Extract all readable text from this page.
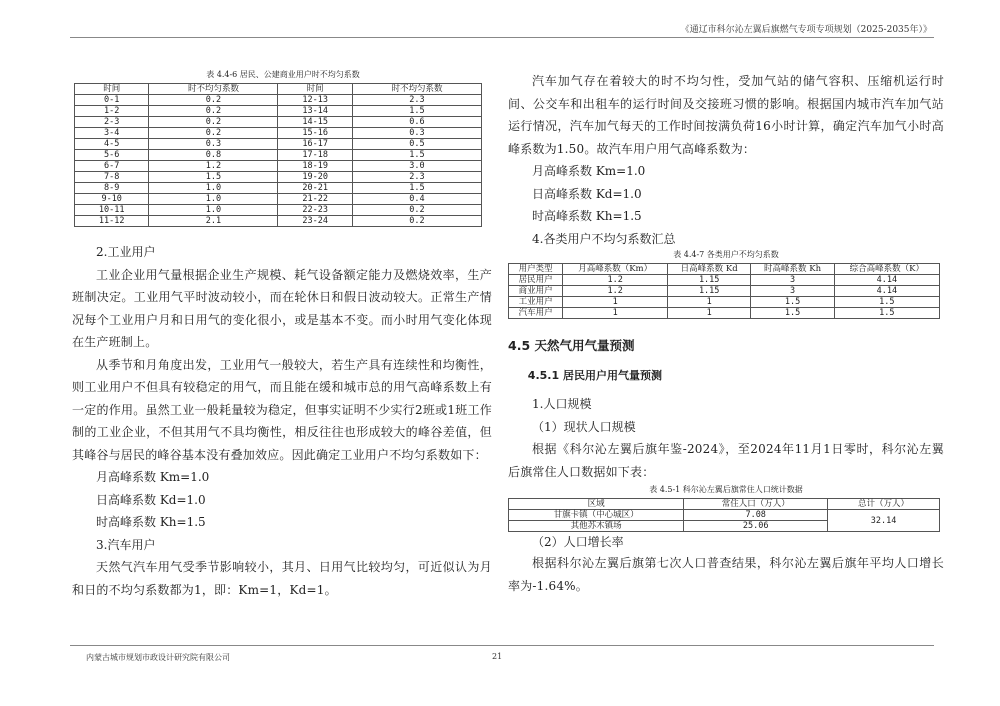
《通辽市科尔沁左翼后旗燃气专项专项规划（2025-2035年）》
表 4.4-6 居民、公建商业用户时不均匀系数
时间	时不均匀系数	时间	时不均匀系数
0-1	0.2	12-13	2.3
1-2	0.2	13-14	1.5
2-3	0.2	14-15	0.6
3-4	0.2	15-16	0.3
4-5	0.3	16-17	0.5
5-6	0.8	17-18	1.5
6-7	1.2	18-19	3.0
7-8	1.5	19-20	2.3
8-9	1.0	20-21	1.5
9-10	1.0	21-22	0.4
10-11	1.0	22-23	0.2
11-12	2.1	23-24	0.2

2.工业用户

工业企业用气量根据企业生产规模、耗气设备额定能力及燃烧效率，生产班制决定。工业用气平时波动较小，而在轮休日和假日波动较大。正常生产情况每个工业用户月和日用气的变化很小，或是基本不变。而小时用气变化体现在生产班制上。

从季节和月角度出发，工业用气一般较大，若生产具有连续性和均衡性，则工业用户不但具有较稳定的用气，而且能在缓和城市总的用气高峰系数上有一定的作用。虽然工业一般耗量较为稳定，但事实证明不少实行2班或1班工作制的工业企业，不但其用气不具均衡性，相反往往也形成较大的峰谷差值，但其峰谷与居民的峰谷基本没有叠加效应。因此确定工业用户不均匀系数如下：

月高峰系数 Km=1.0

日高峰系数 Kd=1.0

时高峰系数 Kh=1.5

3.汽车用户

天然气汽车用气受季节影响较小，其月、日用气比较均匀，可近似认为月和日的不均匀系数都为1，即：Km=1，Kd=1。

汽车加气存在着较大的时不均匀性，受加气站的储气容积、压缩机运行时间、公交车和出租车的运行时间及交接班习惯的影响。根据国内城市汽车加气站运行情况，汽车加气每天的工作时间按满负荷16小时计算，确定汽车加气小时高峰系数为1.50。故汽车用户用气高峰系数为：

月高峰系数 Km=1.0

日高峰系数 Kd=1.0

时高峰系数 Kh=1.5

4.各类用户不均匀系数汇总

表 4.4-7 各类用户不均匀系数
用户类型	月高峰系数（Km）	日高峰系数 Kd	时高峰系数 Kh	综合高峰系数（K）
居民用户	1.2	1.15	3	4.14
商业用户	1.2	1.15	3	4.14
工业用户	1	1	1.5	1.5
汽车用户	1	1	1.5	1.5
4.5 天然气用气量预测
4.5.1 居民用户用气量预测

1.人口规模

（1）现状人口规模

根据《科尔沁左翼后旗年鉴-2024》，至2024年11月1日零时，科尔沁左翼后旗常住人口数据如下表：

表 4.5-1 科尔沁左翼后旗常住人口统计数据
区域	常住人口（万人）	总计（万人）
甘旗卡镇（中心城区）	7.08	32.14
其他苏木镇场	25.06	

（2）人口增长率

根据科尔沁左翼后旗第七次人口普查结果，科尔沁左翼后旗年平均人口增长率为-1.64%。

内蒙古城市规划市政设计研究院有限公司	21
